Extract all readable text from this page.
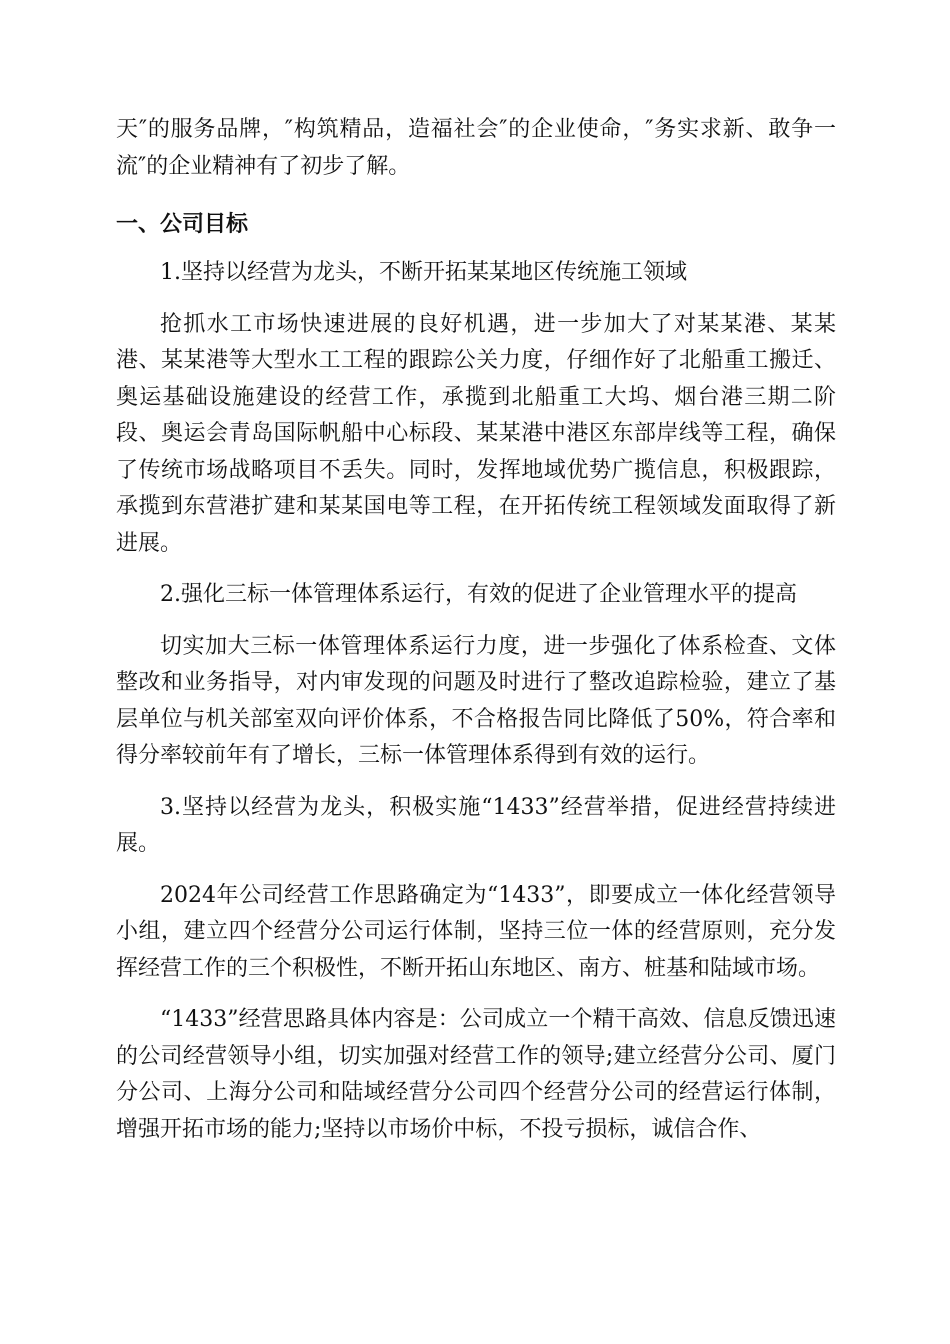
天″的服务品牌，″构筑精品，造福社会″的企业使命，″务实求新、敢争一流″的企业精神有了初步了解。

一、公司目标

1.坚持以经营为龙头，不断开拓某某地区传统施工领域

抢抓水工市场快速进展的良好机遇，进一步加大了对某某港、某某港、某某港等大型水工工程的跟踪公关力度，仔细作好了北船重工搬迁、奥运基础设施建设的经营工作，承揽到北船重工大坞、烟台港三期二阶段、奥运会青岛国际帆船中心标段、某某港中港区东部岸线等工程，确保了传统市场战略项目不丢失。同时，发挥地域优势广揽信息，积极跟踪，承揽到东营港扩建和某某国电等工程，在开拓传统工程领域发面取得了新进展。

2.强化三标一体管理体系运行，有效的促进了企业管理水平的提高

切实加大三标一体管理体系运行力度，进一步强化了体系检查、文体整改和业务指导，对内审发现的问题及时进行了整改追踪检验，建立了基层单位与机关部室双向评价体系，不合格报告同比降低了50%，符合率和得分率较前年有了增长，三标一体管理体系得到有效的运行。

3.坚持以经营为龙头，积极实施“1433”经营举措，促进经营持续进展。

2024年公司经营工作思路确定为“1433”，即要成立一体化经营领导小组，建立四个经营分公司运行体制，坚持三位一体的经营原则，充分发挥经营工作的三个积极性，不断开拓山东地区、南方、桩基和陆域市场。

“1433”经营思路具体内容是：公司成立一个精干高效、信息反馈迅速的公司经营领导小组，切实加强对经营工作的领导;建立经营分公司、厦门分公司、上海分公司和陆域经营分公司四个经营分公司的经营运行体制，增强开拓市场的能力;坚持以市场价中标，不投亏损标，诚信合作、
